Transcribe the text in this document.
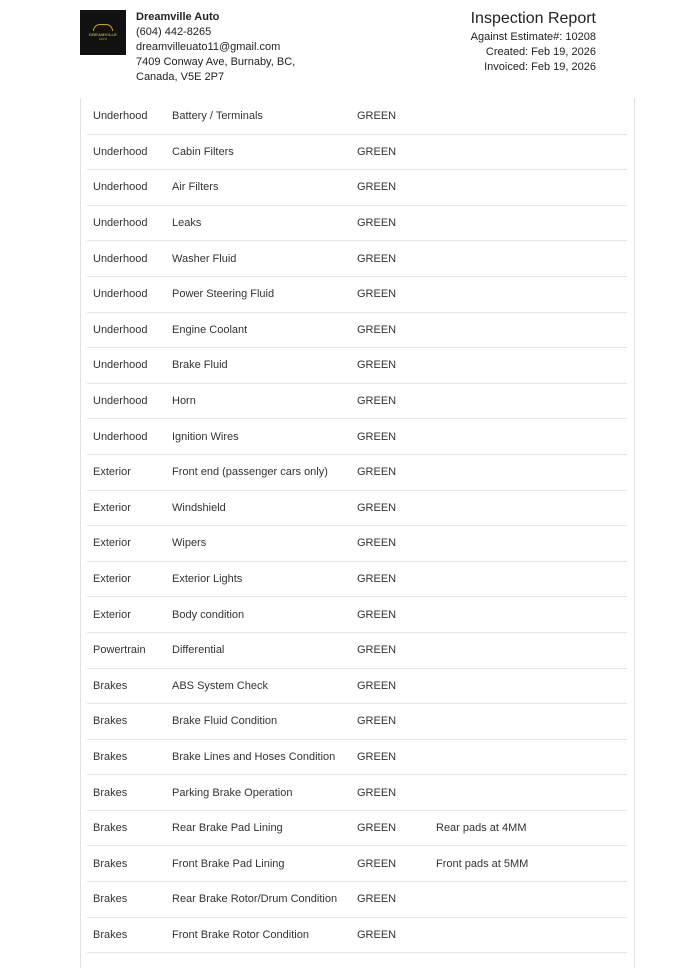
DREAMVILLE
AUTO
Dreamville Auto
(604) 442-8265
dreamvilleuato11@gmail.com
7409 Conway Ave, Burnaby, BC,
Canada, V5E 2P7
Inspection Report
Against Estimate#: 10208
Created: Feb 19, 2026
Invoiced: Feb 19, 2026
Underhood Battery / Terminals	GREEN
Underhood Cabin Filters	GREEN
Underhood Air Filters	GREEN
Underhood Leaks	GREEN
Underhood Washer Fluid	GREEN
Underhood Power Steering Fluid	GREEN
Underhood Engine Coolant	GREEN
Underhood Brake Fluid	GREEN
Underhood Horn	GREEN
Underhood Ignition Wires	GREEN
Exterior	Front end (passenger cars only)	GREEN
Exterior	Windshield	GREEN
Exterior	Wipers	GREEN
Exterior	Exterior Lights	GREEN
Exterior	Body condition	GREEN
Powertrain Differential	GREEN
Brakes	ABS System Check	GREEN
Brakes	Brake Fluid Condition	GREEN
Brakes	Brake Lines and Hoses Condition GREEN
Brakes	Parking Brake Operation	GREEN
Brakes	Rear Brake Pad Lining	GREEN	Rear pads at 4MM
Brakes	Front Brake Pad Lining	GREEN	Front pads at 5MM
Brakes	Rear Brake Rotor/Drum Condition GREEN
Brakes	Front Brake Rotor Condition	GREEN
